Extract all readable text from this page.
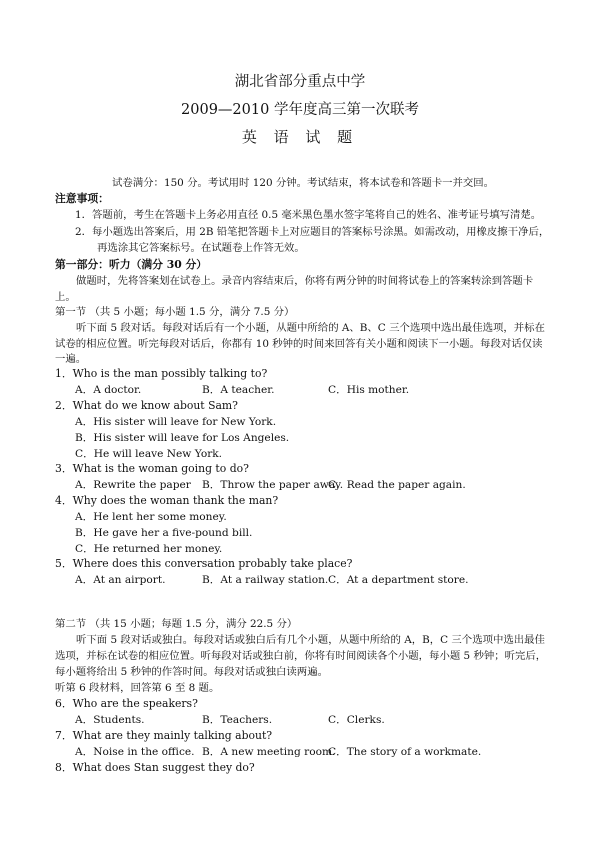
湖北省部分重点中学
2009—2010 学年度高三第一次联考
英 语 试 题
试卷满分：150 分。考试用时 120 分钟。考试结束，将本试卷和答题卡一并交回。
注意事项：
1．答题前，考生在答题卡上务必用直径 0.5 毫米黑色墨水签字笔将自己的姓名、准考证号填写清楚。
2．每小题选出答案后，用 2B 铅笔把答题卡上对应题目的答案标号涂黑。如需改动，用橡皮擦干净后，
再选涂其它答案标号。在试题卷上作答无效。
第一部分：听力（满分 30 分）
做题时，先将答案划在试卷上。录音内容结束后，你将有两分钟的时间将试卷上的答案转涂到答题卡
上。
第一节 （共 5 小题；每小题 1.5 分，满分 7.5 分）
听下面 5 段对话。每段对话后有一个小题，从题中所给的 A、B、C 三个选项中选出最佳选项，并标在
试卷的相应位置。听完每段对话后，你都有 10 秒钟的时间来回答有关小题和阅读下一小题。每段对话仅读
一遍。
1．Who is the man possibly talking to?
A．A doctor.	B．A teacher.	C．His mother.
2．What do we know about Sam?
A．His sister will leave for New York.
B．His sister will leave for Los Angeles.
C．He will leave New York.
3．What is the woman going to do?
A．Rewrite the paper B．Throw the paper away.
C．Read the paper again.
4．Why does the woman thank the man?
A．He lent her some money.
B．He gave her a five-pound bill.
C．He returned her money.
5．Where does this conversation probably take place?
A．At an airport.	B．At a railway station. C．At a department store.
第二节 （共 15 小题；每题 1.5 分，满分 22.5 分）
听下面 5 段对话或独白。每段对话或独白后有几个小题，从题中所给的 A，B，C 三个选项中选出最佳
选项，并标在试卷的相应位置。听每段对话或独白前，你将有时间阅读各个小题，每小题 5 秒钟；听完后，
每小题将给出 5 秒钟的作答时间。每段对话或独白读两遍。
听第 6 段材料，回答第 6 至 8 题。
6．Who are the speakers?
A．Students.	B．Teachers.	C．Clerks.
7．What are they mainly talking about?
A．Noise in the office. B．A new meeting room.
C．The story of a workmate.
8．What does Stan suggest they do?
